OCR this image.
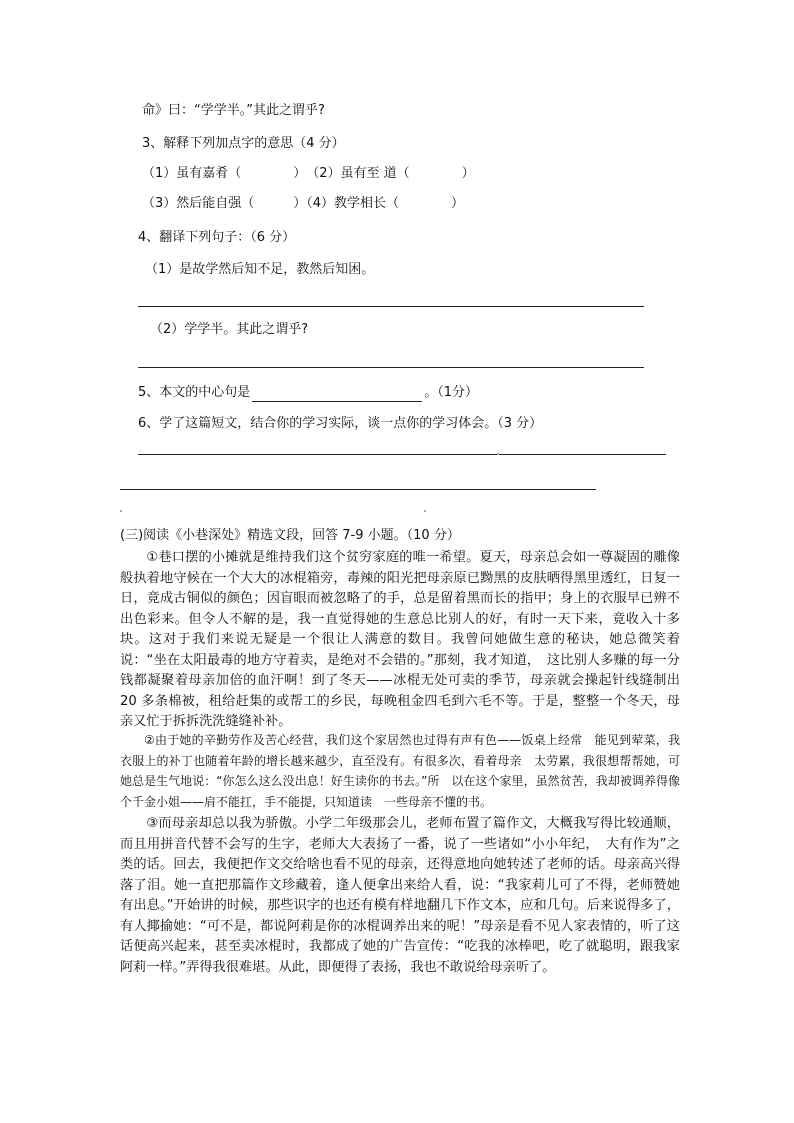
命》曰：“学学半。”其此之谓乎?
3、解释下列加点字的意思（4 分）
（1）虽有嘉肴（　　　　）　（2）虽有至 道（　　　　）
（3）然后能自强（　　　）（4）教学相长（　　　　）
4、翻译下列句子：（6 分）
（1）是故学然后知不足，教然后知困。
（2）学学半。其此之谓乎?
5、本文的中心句是	。（1分）
6、学了这篇短文，结合你的学习实际，谈一点你的学习体会。（3 分）
(三)阅读《小巷深处》精选文段，回答 7-9 小题。（10 分）

①巷口摆的小摊就是维持我们这个贫穷家庭的唯一希望。夏天，母亲总会如一尊凝固的雕像般执着地守候在一个大大的冰棍箱旁，毒辣的阳光把母亲原已黝黑的皮肤晒得黑里透红，日复一日，竟成古铜似的颜色；因盲眼而被忽略了的手，总是留着黑而长的指甲；身上的衣服早已辨不出色彩来。但令人不解的是，我一直觉得她的生意总比别人的好，有时一天下来，竟收入十多块。这对于我们来说无疑是一个很让人满意的数目。我曾问她做生意的秘诀，她总微笑着说：“坐在太阳最毒的地方守着卖，是绝对不会错的。”那刻，我才知道，　这比别人多赚的每一分钱都凝聚着母亲加倍的血汗啊！到了冬天——冰棍无处可卖的季节，母亲就会操起针线缝制出 20 多条棉被，租给赶集的或帮工的乡民，每晚租金四毛到六毛不等。于是，整整一个冬天，母亲又忙于拆拆洗洗缝缝补补。

②由于她的辛勤劳作及苦心经营，我们这个家居然也过得有声有色——饭桌上经常　能见到荤菜，我衣服上的补丁也随着年龄的增长越来越少，直至没有。有很多次，看着母亲　太劳累，我很想帮帮她，可她总是生气地说：“你怎么这么没出息！好生读你的书去。”所　以在这个家里，虽然贫苦，我却被调养得像个千金小姐——肩不能扛，手不能提，只知道读　一些母亲不懂的书。

③而母亲却总以我为骄傲。小学二年级那会儿，老师布置了篇作文，大概我写得比较通顺，而且用拼音代替不会写的生字，老师大大表扬了一番，说了一些诸如“小小年纪，　大有作为”之类的话。回去，我便把作文交给啥也看不见的母亲，还得意地向她转述了老师的话。母亲高兴得落了泪。她一直把那篇作文珍藏着，逢人便拿出来给人看，说：“我家莉儿可了不得，老师赞她有出息。”开始讲的时候，那些识字的也还有模有样地翻几下作文本，应和几句。后来说得多了，有人揶揄她：“可不是，都说阿莉是你的冰棍调养出来的呢！”母亲是看不见人家表情的，听了这话便高兴起来，甚至卖冰棍时，我都成了她的广告宣传：“吃我的冰棒吧，吃了就聪明，跟我家阿莉一样。”弄得我很难堪。从此，即便得了表扬，我也不敢说给母亲听了。
